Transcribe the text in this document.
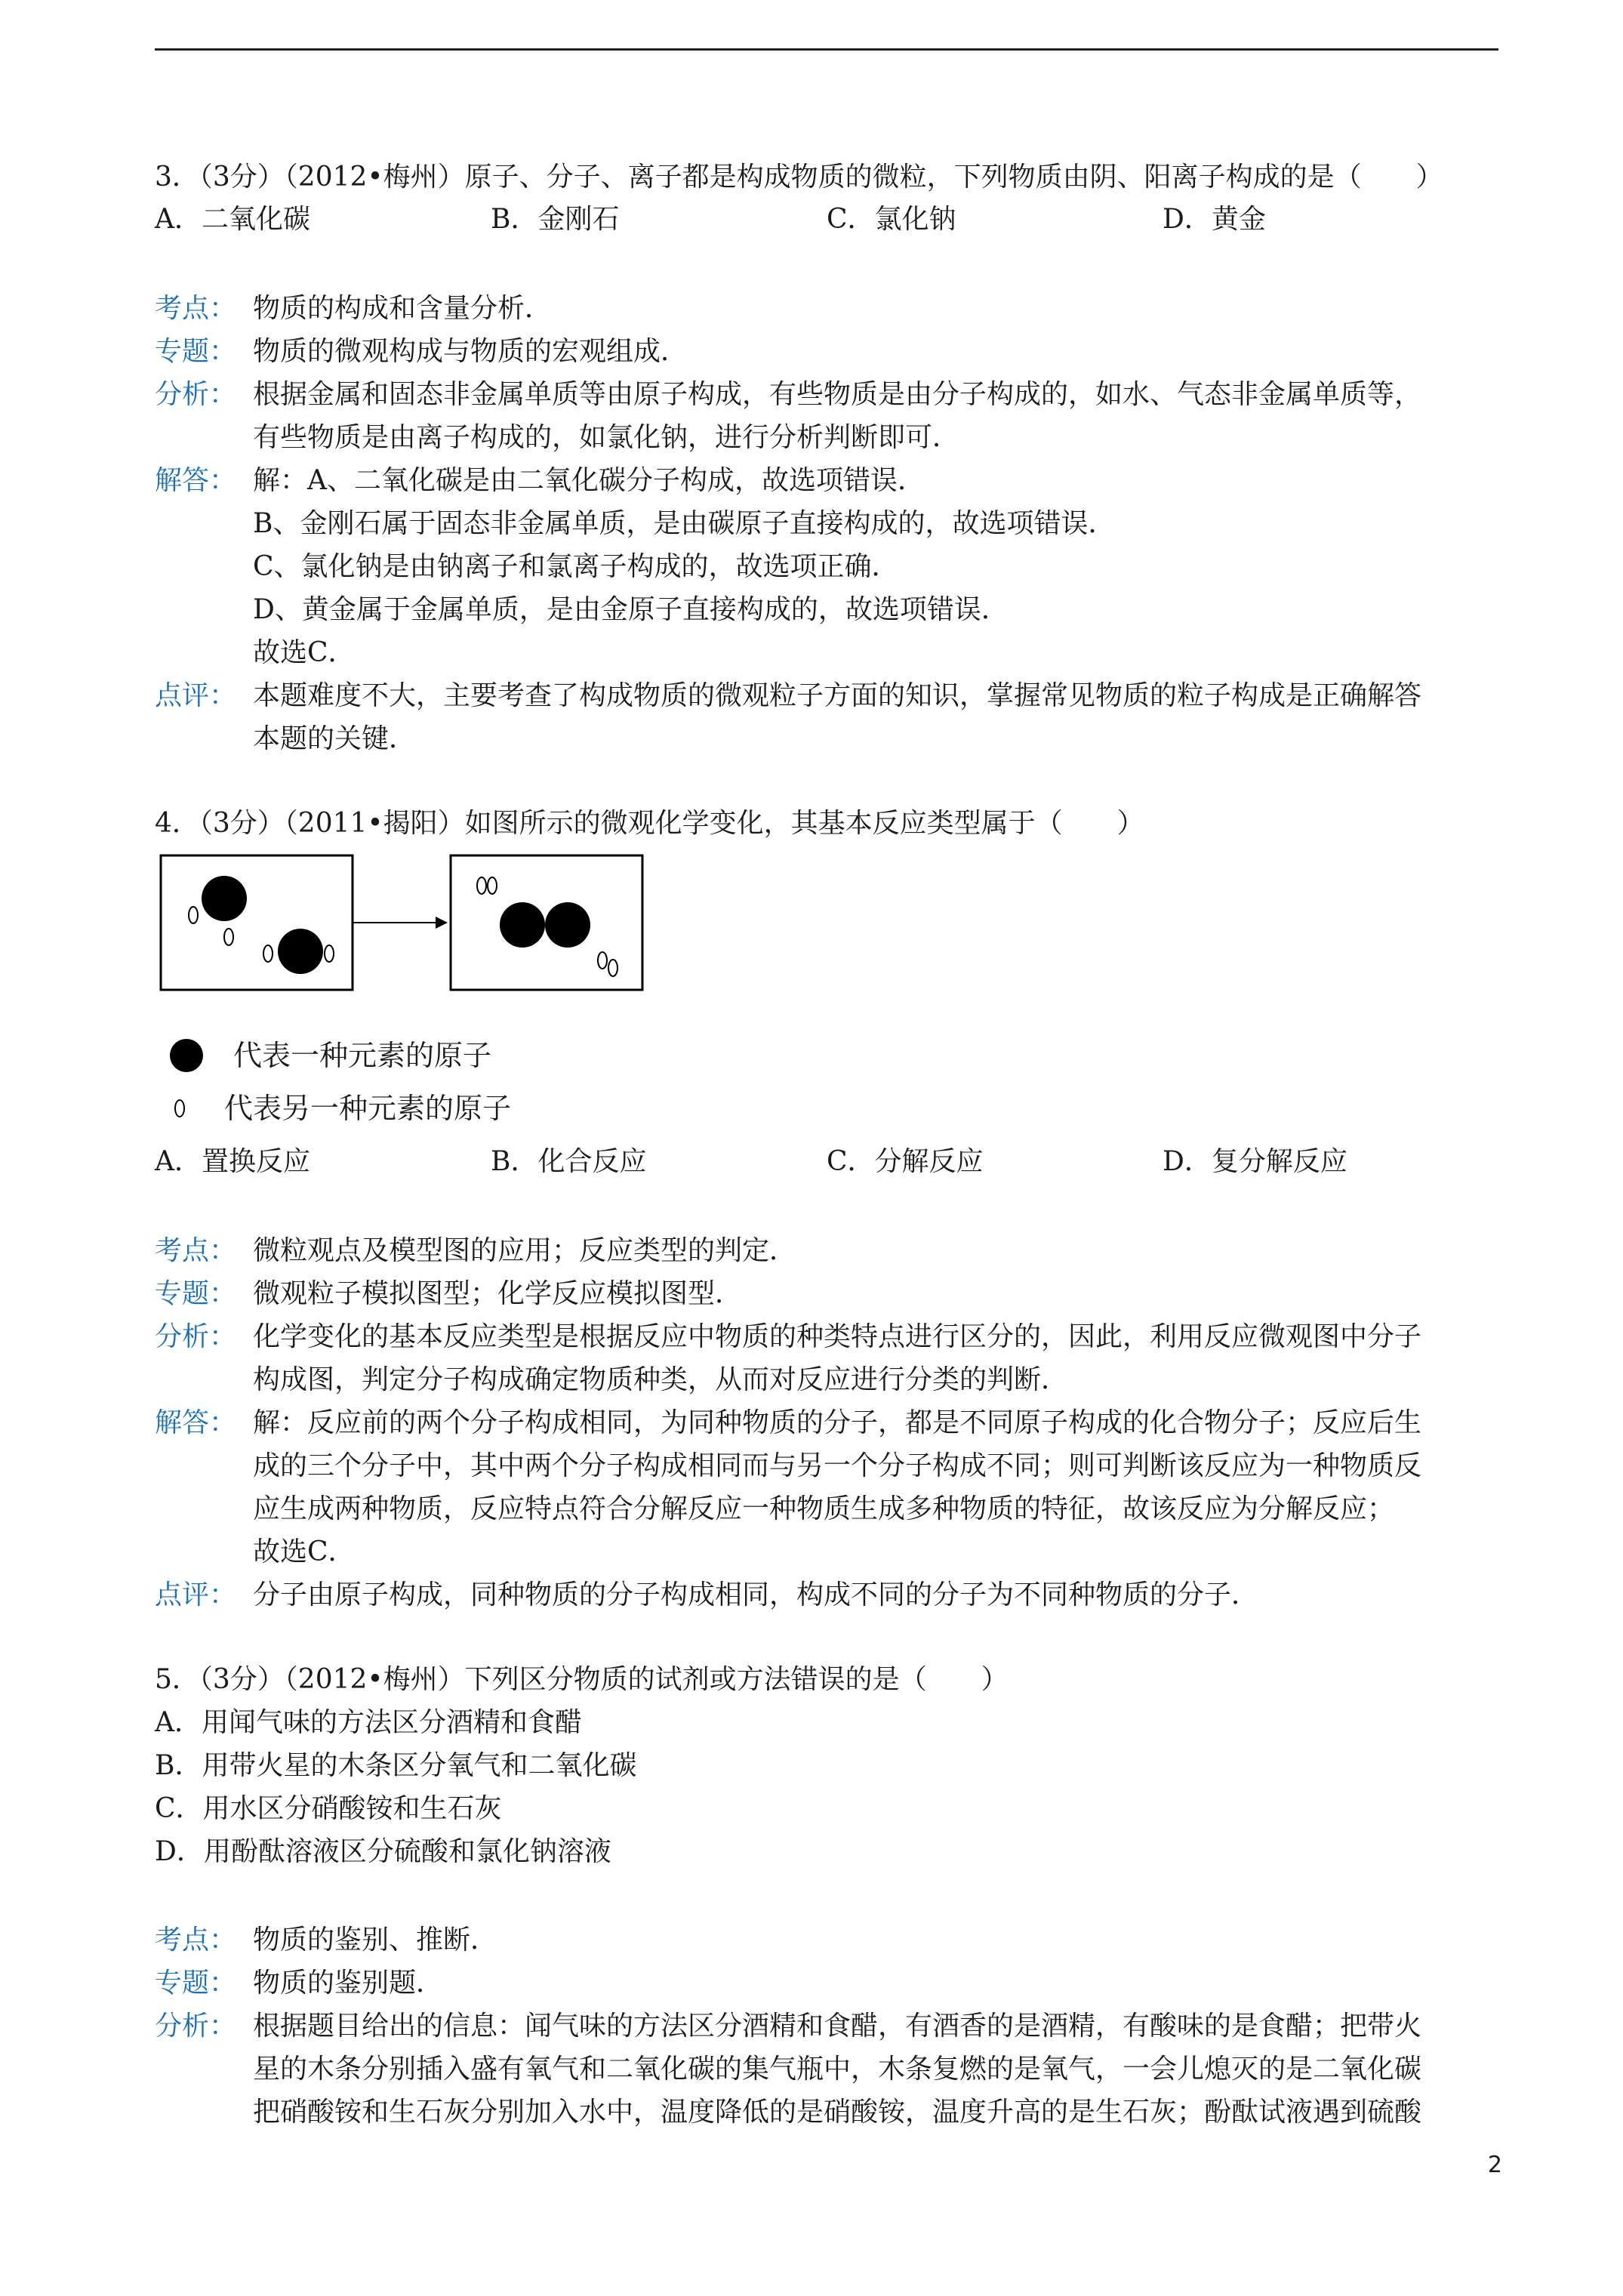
3．（3分）（2012•梅州）原子、分子、离子都是构成物质的微粒，下列物质由阴、阳离子构成的是（　　）
A．二氧化碳	B．金刚石	C．氯化钠	D．黄金
考点： 物质的构成和含量分析．
专题： 物质的微观构成与物质的宏观组成．
分析： 根据金属和固态非金属单质等由原子构成，有些物质是由分子构成的，如水、气态非金属单质等，
有些物质是由离子构成的，如氯化钠，进行分析判断即可．
解答： 解：A、二氧化碳是由二氧化碳分子构成，故选项错误．
B、金刚石属于固态非金属单质，是由碳原子直接构成的，故选项错误．
C、氯化钠是由钠离子和氯离子构成的，故选项正确．
D、黄金属于金属单质，是由金原子直接构成的，故选项错误．
故选C．
点评： 本题难度不大，主要考查了构成物质的微观粒子方面的知识，掌握常见物质的粒子构成是正确解答
本题的关键．
4．（3分）（2011•揭阳）如图所示的微观化学变化，其基本反应类型属于（　　）
代表一种元素的原子
代表另一种元素的原子
A．置换反应	B．化合反应	C．分解反应	D．复分解反应
考点： 微粒观点及模型图的应用；反应类型的判定．
专题： 微观粒子模拟图型；化学反应模拟图型．
分析： 化学变化的基本反应类型是根据反应中物质的种类特点进行区分的，因此，利用反应微观图中分子
构成图，判定分子构成确定物质种类，从而对反应进行分类的判断．
解答： 解：反应前的两个分子构成相同，为同种物质的分子，都是不同原子构成的化合物分子；反应后生
成的三个分子中，其中两个分子构成相同而与另一个分子构成不同；则可判断该反应为一种物质反
应生成两种物质，反应特点符合分解反应一种物质生成多种物质的特征，故该反应为分解反应；
故选C．
点评： 分子由原子构成，同种物质的分子构成相同，构成不同的分子为不同种物质的分子．
5．（3分）（2012•梅州）下列区分物质的试剂或方法错误的是（　　）
A．用闻气味的方法区分酒精和食醋
B．用带火星的木条区分氧气和二氧化碳
C．用水区分硝酸铵和生石灰
D．用酚酞溶液区分硫酸和氯化钠溶液
考点： 物质的鉴别、推断．
专题： 物质的鉴别题．
分析： 根据题目给出的信息：闻气味的方法区分酒精和食醋，有酒香的是酒精，有酸味的是食醋；把带火
星的木条分别插入盛有氧气和二氧化碳的集气瓶中，木条复燃的是氧气，一会儿熄灭的是二氧化碳
把硝酸铵和生石灰分别加入水中，温度降低的是硝酸铵，温度升高的是生石灰；酚酞试液遇到硫酸
2
